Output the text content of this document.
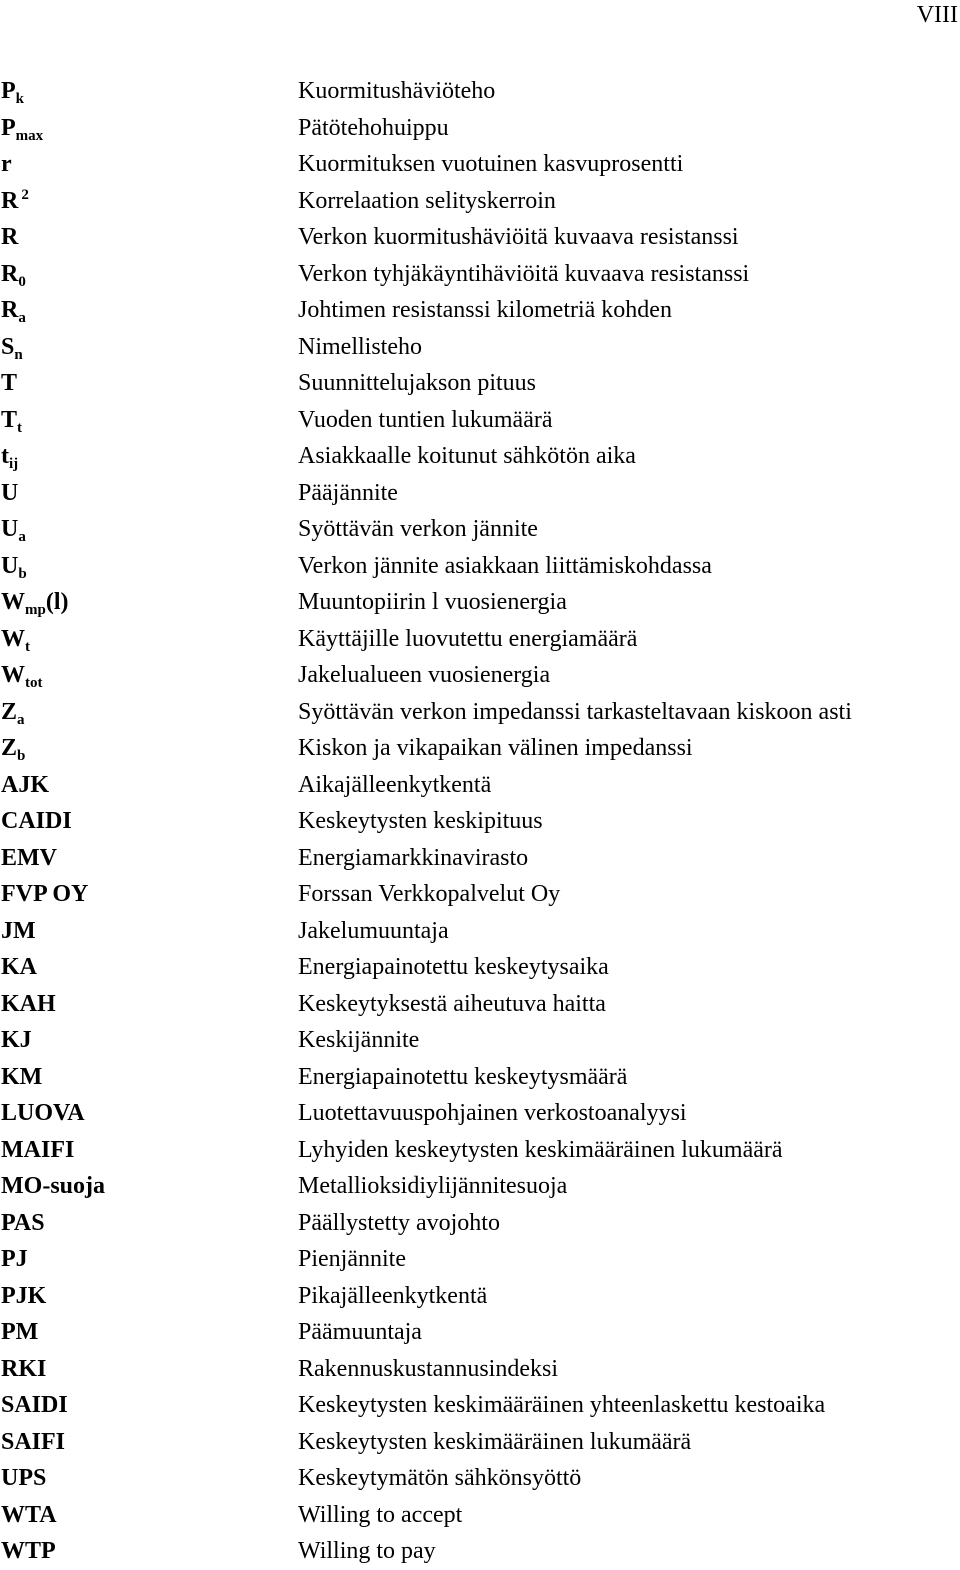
VIII
$P_k$	Kuormitushäviöteho
$P_{max}$	Pätötehohuippu
r	Kuormituksen vuotuinen kasvuprosentti
R $^2$	Korrelaation selityskerroin
R	Verkon kuormitushäviöitä kuvaava resistanssi
$R_0$	Verkon tyhjäkäyntihäviöitä kuvaava resistanssi
$R_a$	Johtimen resistanssi kilometriä kohden
$S_n$	Nimellisteho
T	Suunnittelujakson pituus
$T_t$	Vuoden tuntien lukumäärä
$t_{ij}$	Asiakkaalle koitunut sähkötön aika
U	Pääjännite
$U_a$	Syöttävän verkon jännite
$U_b$	Verkon jännite asiakkaan liittämiskohdassa
$W_{mp}(l)$	Muuntopiirin l vuosienergia
$W_t$	Käyttäjille luovutettu energiamäärä
$W_{tot}$	Jakelualueen vuosienergia
$Z_a$	Syöttävän verkon impedanssi tarkasteltavaan kiskoon asti
$Z_b$	Kiskon ja vikapaikan välinen impedanssi
AJK	Aikajälleenkytkentä
CAIDI	Keskeytysten keskipituus
EMV	Energiamarkkinavirasto
FVP OY	Forssan Verkkopalvelut Oy
JM	Jakelumuuntaja
KA	Energiapainotettu keskeytysaika
KAH	Keskeytyksestä aiheutuva haitta
KJ	Keskijännite
KM	Energiapainotettu keskeytysmäärä
LUOVA	Luotettavuuspohjainen verkostoanalyysi
MAIFI	Lyhyiden keskeytysten keskimääräinen lukumäärä
MO-suoja	Metallioksidiylijännitesuoja
PAS	Päällystetty avojohto
PJ	Pienjännite
PJK	Pikajälleenkytkentä
PM	Päämuuntaja
RKI	Rakennuskustannusindeksi
SAIDI	Keskeytysten keskimääräinen yhteenlaskettu kestoaika
SAIFI	Keskeytysten keskimääräinen lukumäärä
UPS	Keskeytymätön sähkönsyöttö
WTA	Willing to accept
WTP	Willing to pay
